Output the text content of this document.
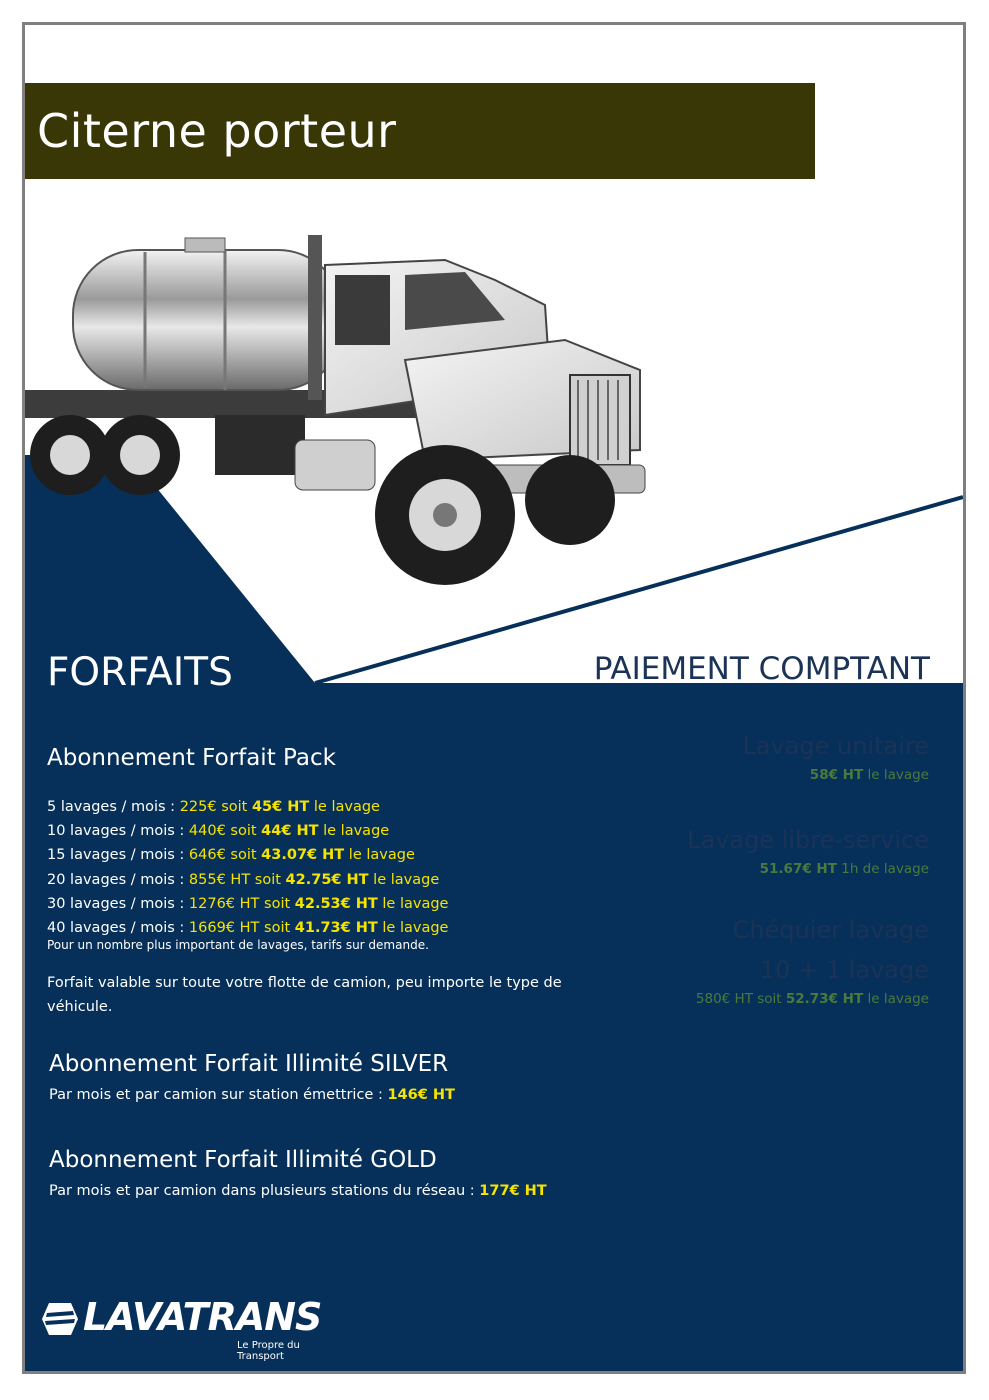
Citerne porteur
FORFAITS
Abonnement Forfait Pack
5 lavages / mois : 225€ soit 45€ HT le lavage
10 lavages / mois : 440€ soit 44€ HT le lavage
15 lavages / mois : 646€ soit 43.07€ HT le lavage
20 lavages / mois : 855€ HT soit 42.75€ HT le lavage
30 lavages / mois : 1276€ HT soit 42.53€ HT le lavage
40 lavages / mois : 1669€ HT soit 41.73€ HT le lavage
Pour un nombre plus important de lavages, tarifs sur demande.
Forfait valable sur toute votre flotte de camion, peu importe le type de véhicule.
Abonnement Forfait Illimité SILVER
Par mois et par camion sur station émettrice : 146€ HT
Abonnement Forfait Illimité GOLD
Par mois et par camion dans plusieurs stations du réseau : 177€ HT
PAIEMENT COMPTANT
Lavage unitaire
58€ HT le lavage
Lavage libre-service
51.67€ HT 1h de lavage
Chéquier lavage
10 + 1 lavage
580€ HT soit 52.73€ HT le lavage
LAVATRANS
Le Propre du Transport
